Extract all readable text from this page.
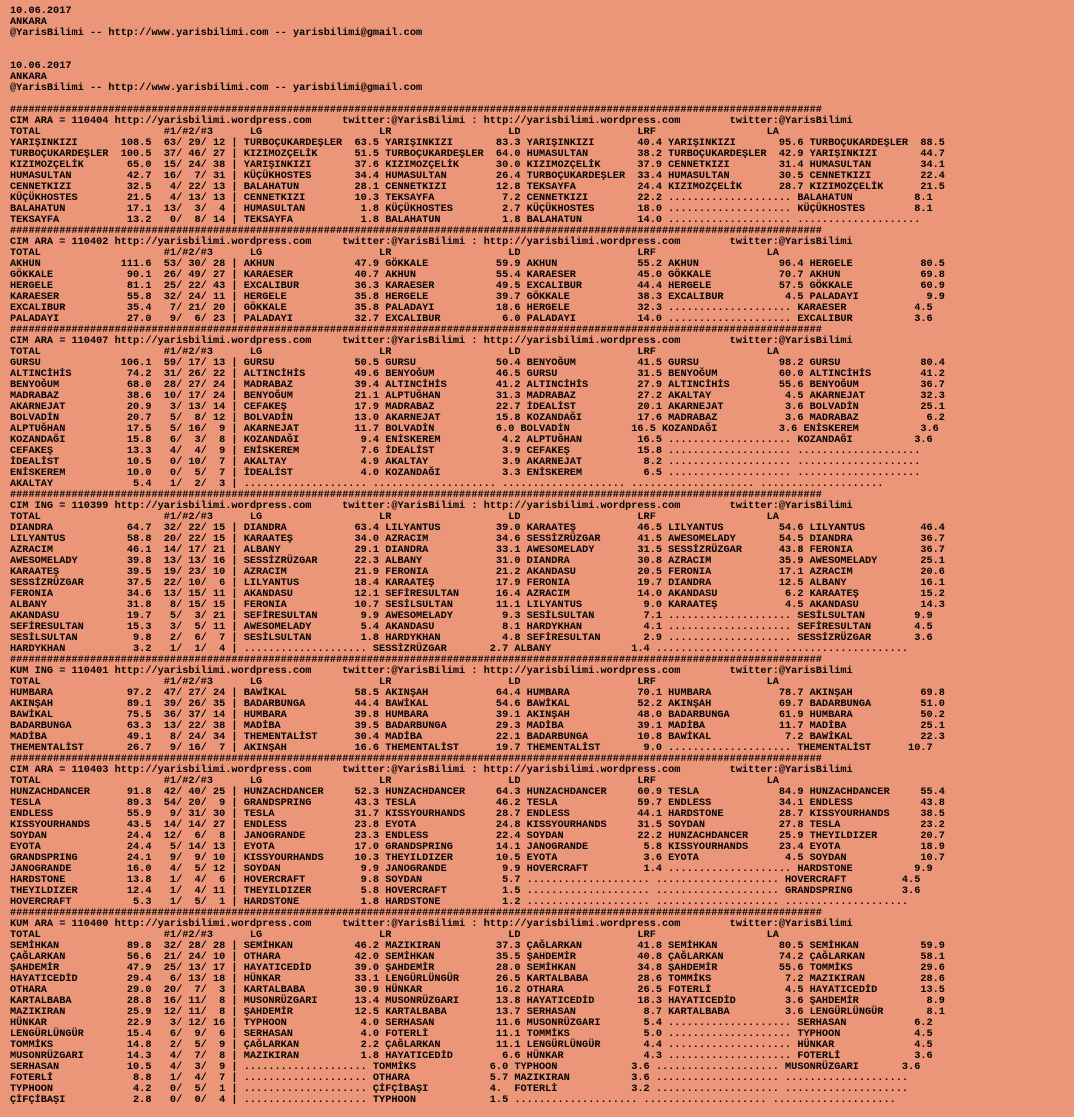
10.06.2017
ANKARA
@YarisBilimi -- http://www.yarisbilimi.com -- yarisbilimi@gmail.com

10.06.2017
ANKARA
@YarisBilimi -- http://www.yarisbilimi.com -- yarisbilimi@gmail.com

####################################################################################################################################
CIM ARA = 110404 http://yarisbilimi.wordpress.com     twitter:@YarisBilimi : http://yarisbilimi.wordpress.com        twitter:@YarisBilimi
TOTAL                    #1/#2/#3      LG                   LR                   LD                   LRF                  LA
YARIŞINKIZI       108.5  63/ 29/ 12 | TURBOÇUKARDEŞLER  63.5 YARIŞINKIZI       83.3 YARIŞINKIZI       40.4 YARIŞINKIZI       95.6 TURBOÇUKARDEŞLER  88.5
TURBOÇUKARDEŞLER  100.5  37/ 46/ 27 | KIZIMOZÇELİK      51.5 TURBOÇUKARDEŞLER  64.0 HUMASULTAN        38.2 TURBOÇUKARDEŞLER  42.9 YARIŞINKIZI       44.7
KIZIMOZÇELİK       65.0  15/ 24/ 38 | YARIŞINKIZI       37.6 KIZIMOZÇELİK      30.0 KIZIMOZÇELİK      37.9 CENNETKIZI        31.4 HUMASULTAN        34.1
HUMASULTAN         42.7  16/  7/ 31 | KÜÇÜKHOSTES       34.4 HUMASULTAN        26.4 TURBOÇUKARDEŞLER  33.4 HUMASULTAN        30.5 CENNETKIZI        22.4
CENNETKIZI         32.5   4/ 22/ 13 | BALAHATUN         28.1 CENNETKIZI        12.8 TEKSAYFA          24.4 KIZIMOZÇELİK      28.7 KIZIMOZÇELİK      21.5
KÜÇÜKHOSTES        21.5   4/ 13/ 13 | CENNETKIZI        10.3 TEKSAYFA           7.2 CENNETKIZI        22.2 .................... BALAHATUN          8.1
BALAHATUN          17.1  13/  3/  4 | HUMASULTAN         1.8 KÜÇÜKHOSTES        2.7 KÜÇÜKHOSTES       18.0 .................... KÜÇÜKHOSTES        8.1
TEKSAYFA           13.2   0/  8/ 14 | TEKSAYFA           1.8 BALAHATUN          1.8 BALAHATUN         14.0 .................... ....................
####################################################################################################################################
CIM ARA = 110402 http://yarisbilimi.wordpress.com     twitter:@YarisBilimi : http://yarisbilimi.wordpress.com        twitter:@YarisBilimi
TOTAL                    #1/#2/#3      LG                   LR                   LD                   LRF                  LA
AKHUN             111.6  53/ 30/ 28 | AKHUN             47.9 GÖKKALE           59.9 AKHUN             55.2 AKHUN             96.4 HERGELE           80.5
GÖKKALE            90.1  26/ 49/ 27 | KARAESER          40.7 AKHUN             55.4 KARAESER          45.0 GÖKKALE           70.7 AKHUN             69.8
HERGELE            81.1  25/ 22/ 43 | EXCALIBUR         36.3 KARAESER          49.5 EXCALIBUR         44.4 HERGELE           57.5 GÖKKALE           60.9
KARAESER           55.8  32/ 24/ 11 | HERGELE           35.8 HERGELE           39.7 GÖKKALE           38.3 EXCALIBUR          4.5 PALADAYI           9.9
EXCALIBUR          35.4   7/ 21/ 20 | GÖKKALE           35.8 PALADAYI          18.6 HERGELE           32.3 .................... KARAESER           4.5
PALADAYI           27.0   9/  6/ 23 | PALADAYI          32.7 EXCALIBUR          6.0 PALADAYI          14.0 .................... EXCALIBUR          3.6
####################################################################################################################################
CIM ARA = 110407 http://yarisbilimi.wordpress.com     twitter:@YarisBilimi : http://yarisbilimi.wordpress.com        twitter:@YarisBilimi
TOTAL                    #1/#2/#3      LG                   LR                   LD                   LRF                  LA
GURSU             106.1  59/ 17/ 13 | GURSU             50.5 GURSU             50.4 BENYOĞUM          41.5 GURSU             98.2 GURSU             80.4
ALTINCİHİS         74.2  31/ 26/ 22 | ALTINCİHİS        49.6 BENYOĞUM          46.5 GURSU             31.5 BENYOĞUM          60.0 ALTINCİHİS        41.2
BENYOĞUM           68.0  28/ 27/ 24 | MADRABAZ          39.4 ALTINCİHİS        41.2 ALTINCİHİS        27.9 ALTINCİHİS        55.6 BENYOĞUM          36.7
MADRABAZ           38.6  10/ 17/ 24 | BENYOĞUM          21.1 ALPTUĞHAN         31.3 MADRABAZ          27.2 AKALTAY            4.5 AKARNEJAT         32.3
AKARNEJAT          20.9   3/ 13/ 14 | CEFAKEŞ           17.9 MADRABAZ          22.7 İDEALİST          20.1 AKARNEJAT          3.6 BOLVADİN          25.1
BOLVADİN           20.7   5/  8/ 12 | BOLVADİN          13.0 AKARNEJAT         15.8 KOZANDAĞI         17.6 MADRABAZ           3.6 MADRABAZ           6.2
ALPTUĞHAN          17.5   5/ 16/  9 | AKARNEJAT         11.7 BOLVADİN          6.0 BOLVADİN          16.5 KOZANDAĞI          3.6 ENİSKEREM          3.6
KOZANDAĞI          15.8   6/  3/  8 | KOZANDAĞI          9.4 ENİSKEREM          4.2 ALPTUĞHAN         16.5 .................... KOZANDAĞI          3.6
CEFAKEŞ            13.3   4/  4/  9 | ENİSKEREM          7.6 İDEALİST           3.9 CEFAKEŞ           15.8 .................... ....................
İDEALİST           10.5   0/ 10/  7 | AKALTAY            4.9 AKALTAY            3.9 AKARNEJAT          8.2 .................... ....................
ENİSKEREM          10.0   0/  5/  7 | İDEALİST           4.0 KOZANDAĞI          3.3 ENİSKEREM          6.5 .................... ....................
AKALTAY             5.4   1/  2/  3 | .................... .................... .................... .................... ....................
####################################################################################################################################
CIM ING = 110399 http://yarisbilimi.wordpress.com     twitter:@YarisBilimi : http://yarisbilimi.wordpress.com        twitter:@YarisBilimi
TOTAL                    #1/#2/#3      LG                   LR                   LD                   LRF                  LA
DIANDRA            64.7  32/ 22/ 15 | DIANDRA           63.4 LILYANTUS         39.0 KARAATEŞ          46.5 LILYANTUS         54.6 LILYANTUS         46.4
LILYANTUS          58.8  20/ 22/ 15 | KARAATEŞ          34.0 AZRACIM           34.6 SESSİZRÜZGAR      41.5 AWESOMELADY       54.5 DIANDRA           36.7
AZRACIM            46.1  14/ 17/ 21 | ALBANY            29.1 DIANDRA           33.1 AWESOMELADY       31.5 SESSİZRÜZGAR      43.8 FERONIA           36.7
AWESOMELADY        39.8  13/ 13/ 16 | SESSİZRÜZGAR      22.3 ALBANY            31.0 DIANDRA           30.8 AZRACIM           35.9 AWESOMELADY       25.1
KARAATEŞ           39.5  19/ 23/ 10 | AZRACIM           21.9 FERONIA           21.2 AKANDASU          20.5 FERONIA           17.1 AZRACIM           20.6
SESSİZRÜZGAR       37.5  22/ 10/  6 | LILYANTUS         18.4 KARAATEŞ          17.9 FERONIA           19.7 DIANDRA           12.5 ALBANY            16.1
FERONIA            34.6  13/ 15/ 11 | AKANDASU          12.1 SEFİRESULTAN      16.4 AZRACIM           14.0 AKANDASU           6.2 KARAATEŞ          15.2
ALBANY             31.8   8/ 15/ 15 | FERONIA           10.7 SESİLSULTAN       11.1 LILYANTUS          9.0 KARAATEŞ           4.5 AKANDASU          14.3
AKANDASU           19.7   5/  3/ 21 | SEFİRESULTAN       9.9 AWESOMELADY        9.3 SESİLSULTAN        7.1 .................... SESİLSULTAN        9.9
SEFİRESULTAN       15.3   3/  5/ 11 | AWESOMELADY        5.4 AKANDASU           8.1 HARDYKHAN          4.1 .................... SEFİRESULTAN       4.5
SESİLSULTAN         9.8   2/  6/  7 | SESİLSULTAN        1.8 HARDYKHAN          4.8 SEFİRESULTAN       2.9 .................... SESSİZRÜZGAR       3.6
HARDYKHAN           3.2   1/  1/  4 | .................... SESSİZRÜZGAR       2.7 ALBANY             1.4 .................... ....................
####################################################################################################################################
KUM ING = 110401 http://yarisbilimi.wordpress.com     twitter:@YarisBilimi : http://yarisbilimi.wordpress.com        twitter:@YarisBilimi
TOTAL                    #1/#2/#3      LG                   LR                   LD                   LRF                  LA
HUMBARA            97.2  47/ 27/ 24 | BAWİKAL           58.5 AKINŞAH           64.4 HUMBARA           70.1 HUMBARA           78.7 AKINŞAH           69.8
AKINŞAH            89.1  39/ 26/ 35 | BADARBUNGA        44.4 BAWİKAL           54.6 BAWİKAL           52.2 AKINŞAH           69.7 BADARBUNGA        51.0
BAWİKAL            75.5  36/ 37/ 14 | HUMBARA           39.8 HUMBARA           39.1 AKINŞAH           48.0 BADARBUNGA        61.9 HUMBARA           50.2
BADARBUNGA         63.3  13/ 22/ 38 | MADİBA            39.5 BADARBUNGA        29.3 MADİBA            39.1 MADİBA            11.7 MADİBA            25.1
MADİBA             49.1   8/ 24/ 34 | THEMENTALİST      30.4 MADİBA            22.1 BADARBUNGA        10.8 BAWİKAL            7.2 BAWİKAL           22.3
THEMENTALİST       26.7   9/ 16/  7 | AKINŞAH           16.6 THEMENTALİST      19.7 THEMENTALİST       9.0 .................... THEMENTALİST      10.7
####################################################################################################################################
CIM ARA = 110403 http://yarisbilimi.wordpress.com     twitter:@YarisBilimi : http://yarisbilimi.wordpress.com        twitter:@YarisBilimi
TOTAL                    #1/#2/#3      LG                   LR                   LD                   LRF                  LA
HUNZACHDANCER      91.8  42/ 40/ 25 | HUNZACHDANCER     52.3 HUNZACHDANCER     64.3 HUNZACHDANCER     60.9 TESLA             84.9 HUNZACHDANCER     55.4
TESLA              89.3  54/ 20/  9 | GRANDSPRING       43.3 TESLA             46.2 TESLA             59.7 ENDLESS           34.1 ENDLESS           43.8
ENDLESS            55.9   9/ 31/ 30 | TESLA             31.7 KISSYOURHANDS     28.7 ENDLESS           44.1 HARDSTONE         28.7 KISSYOURHANDS     38.5
KISSYOURHANDS      43.5  14/ 14/ 27 | ENDLESS           23.8 EYOTA             24.8 KISSYOURHANDS     31.5 SOYDAN            27.8 TESLA             23.2
SOYDAN             24.4  12/  6/  8 | JANOGRANDE        23.3 ENDLESS           22.4 SOYDAN            22.2 HUNZACHDANCER     25.9 THEYILDIZER       20.7
EYOTA              24.4   5/ 14/ 13 | EYOTA             17.0 GRANDSPRING       14.1 JANOGRANDE         5.8 KISSYOURHANDS     23.4 EYOTA             18.9
GRANDSPRING        24.1   9/  9/ 10 | KISSYOURHANDS     10.3 THEYILDIZER       10.5 EYOTA              3.6 EYOTA              4.5 SOYDAN            10.7
JANOGRANDE         16.0   4/  5/ 12 | SOYDAN             9.9 JANOGRANDE         9.9 HOVERCRAFT         1.4 .................... HARDSTONE          9.9
HARDSTONE          13.8   1/  4/  6 | HOVERCRAFT         9.8 SOYDAN             5.7 .................... .................... HOVERCRAFT         4.5
THEYILDIZER        12.4   1/  4/ 11 | THEYILDIZER        5.8 HOVERCRAFT         1.5 .................... .................... GRANDSPRING        3.6
HOVERCRAFT          5.3   1/  5/  1 | HARDSTONE          1.8 HARDSTONE          1.2 .................... .................... ....................
####################################################################################################################################
KUM ARA = 110400 http://yarisbilimi.wordpress.com     twitter:@YarisBilimi : http://yarisbilimi.wordpress.com        twitter:@YarisBilimi
TOTAL                    #1/#2/#3      LG                   LR                   LD                   LRF                  LA
SEMİHKAN           89.8  32/ 28/ 28 | SEMİHKAN          46.2 MAZIKIRAN         37.3 ÇAĞLARKAN         41.8 SEMİHKAN          80.5 SEMİHKAN          59.9
ÇAĞLARKAN          56.6  21/ 24/ 10 | OTHARA            42.0 SEMİHKAN          35.5 ŞAHDEMİR          40.8 ÇAĞLARKAN         74.2 ÇAĞLARKAN         58.1
ŞAHDEMİR           47.9  25/ 13/ 17 | HAYATICEDİD       39.0 ŞAHDEMİR          28.0 SEMİHKAN          34.8 ŞAHDEMİR          55.6 TOMMİKS           29.6
HAYATICEDİD        29.4   6/ 13/ 18 | HÜNKAR            33.1 LENGÜRLÜNGÜR      26.5 KARTALBABA        28.6 TOMMİKS            7.2 MAZIKIRAN         28.6
OTHARA             29.0  20/  7/  3 | KARTALBABA        30.9 HÜNKAR            16.2 OTHARA            26.5 FOTERLİ            4.5 HAYATICEDİD       13.5
KARTALBABA         28.8  16/ 11/  8 | MUSONRÜZGARI      13.4 MUSONRÜZGARI      13.8 HAYATICEDİD       18.3 HAYATICEDİD        3.6 ŞAHDEMİR           8.9
MAZIKIRAN          25.9  12/ 11/  8 | ŞAHDEMİR          12.5 KARTALBABA        13.7 SERHASAN           8.7 KARTALBABA         3.6 LENGÜRLÜNGÜR       8.1
HÜNKAR             22.9   3/ 12/ 16 | TYPHOON            4.0 SERHASAN          11.6 MUSONRÜZGARI       5.4 .................... SERHASAN           6.2
LENGÜRLÜNGÜR       15.4   6/  9/  6 | SERHASAN           4.0 FOTERLİ           11.1 TOMMİKS            5.0 .................... TYPHOON            4.5
TOMMİKS            14.8   2/  5/  9 | ÇAĞLARKAN          2.2 ÇAĞLARKAN         11.1 LENGÜRLÜNGÜR       4.4 .................... HÜNKAR             4.5
MUSONRÜZGARI       14.3   4/  7/  8 | MAZIKIRAN          1.8 HAYATICEDİD        6.6 HÜNKAR             4.3 .................... FOTERLİ            3.6
SERHASAN           10.5   4/  3/  9 | .................... TOMMİKS            6.0 TYPHOON            3.6 .................... MUSONRÜZGARI       3.6
FOTERLİ             8.8   1/  4/  7 | .................... OTHARA             5.7 MAZIKIRAN          3.6 .................... ....................
TYPHOON             4.2   0/  5/  1 | .................... ÇİFÇİBAŞI          4.  FOTERLİ            3.2 .................... ....................
ÇİFÇİBAŞI           2.8   0/  0/  4 | .................... TYPHOON            1.5 .................... .................... ....................
